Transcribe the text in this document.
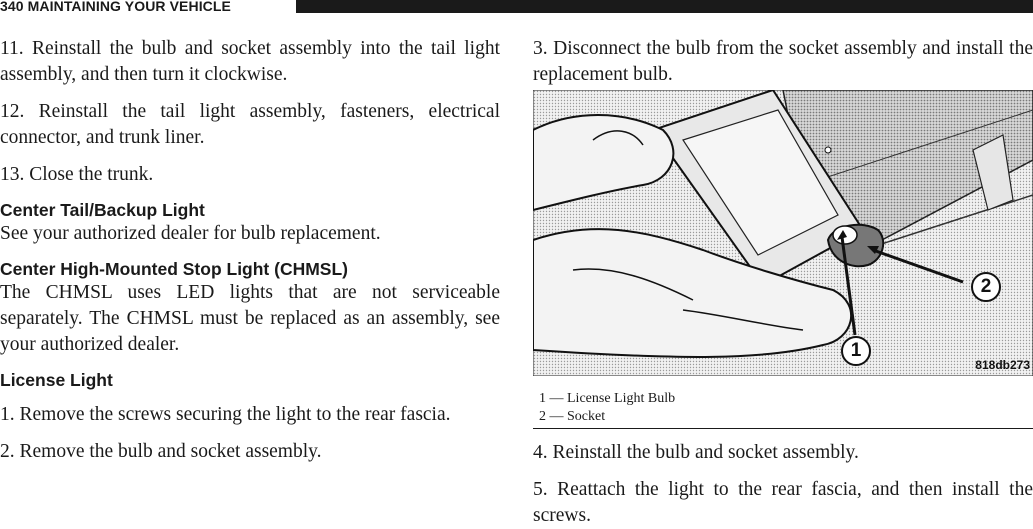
340 MAINTAINING YOUR VEHICLE

11. Reinstall the bulb and socket assembly into the tail light assembly, and then turn it clockwise.

12. Reinstall the tail light assembly, fasteners, electrical connector, and trunk liner.

13. Close the trunk.

Center Tail/Backup Light

See your authorized dealer for bulb replacement.

Center High-Mounted Stop Light (CHMSL)

The CHMSL uses LED lights that are not serviceable separately. The CHMSL must be replaced as an assembly, see your authorized dealer.

License Light

1. Remove the screws securing the light to the rear fascia.

2. Remove the bulb and socket assembly.

3. Disconnect the bulb from the socket assembly and install the replacement bulb.

1
2
818db273
1 — License Light Bulb
2 — Socket

4. Reinstall the bulb and socket assembly.

5. Reattach the light to the rear fascia, and then install the screws.
